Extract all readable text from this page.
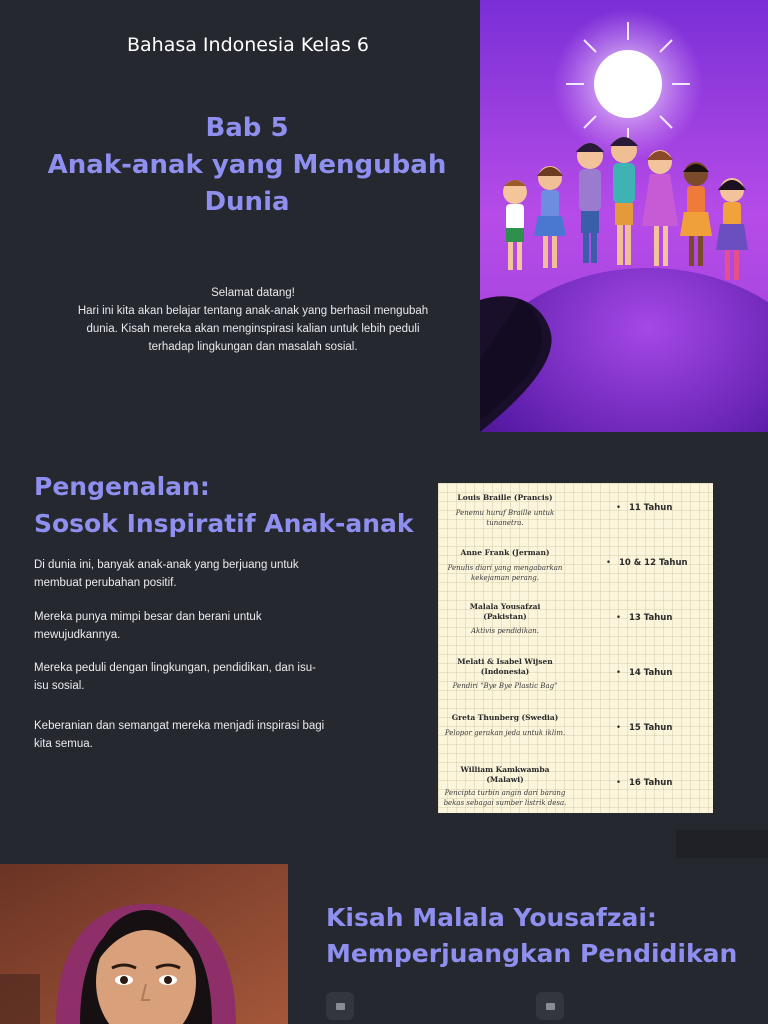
Bahasa Indonesia Kelas 6
Bab 5
Anak-anak yang Mengubah
Dunia
Selamat datang!
Hari ini kita akan belajar tentang anak-anak yang berhasil mengubah
dunia. Kisah mereka akan menginspirasi kalian untuk lebih peduli
terhadap lingkungan dan masalah sosial.
Pengenalan:
Sosok Inspiratif Anak-anak

Di dunia ini, banyak anak-anak yang berjuang untuk
membuat perubahan positif.

Mereka punya mimpi besar dan berani untuk
mewujudkannya.

Mereka peduli dengan lingkungan, pendidikan, dan isu-
isu sosial.

Keberanian dan semangat mereka menjadi inspirasi bagi
kita semua.

Louis Braille (Prancis)
Penemu huruf Braille untuk
tunanetra.
• 11 Tahun
Anne Frank (Jerman)
Penulis diari yang mengabarkan
kekejaman perang.
• 10 & 12 Tahun
Malala Yousafzai
(Pakistan)
Aktivis pendidikan.
• 13 Tahun
Melati & Isabel Wijsen
(Indonesia)
Pendiri "Bye Bye Plastic Bag"
• 14 Tahun
Greta Thunberg (Swedia)
Pelopor gerakan jeda untuk iklim.
•	15 Tahun
William Kamkwamba
(Malawi)
Pencipta turbin angin dari barang
bekas sebagai sumber listrik desa.
• 16 Tahun
Kisah Malala Yousafzai:
Memperjuangkan Pendidikan
